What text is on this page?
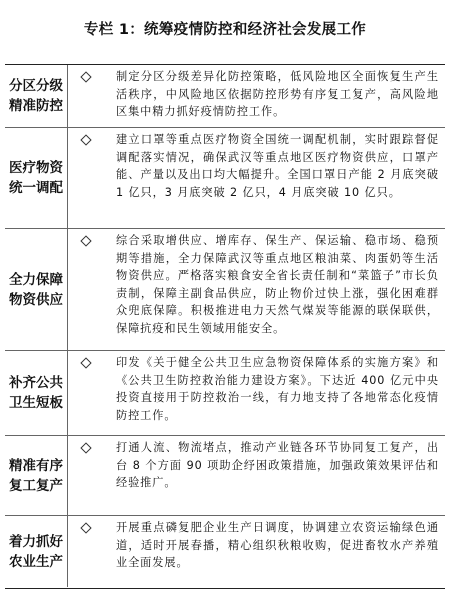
专栏 1：统筹疫情防控和经济社会发展工作
分区分级
精准防控
制定分区分级差异化防控策略，低风险地区全面恢复生产生活秩序，中风险地区依据防控形势有序复工复产，高风险地区集中精力抓好疫情防控工作。
医疗物资
统一调配
建立口罩等重点医疗物资全国统一调配机制，实时跟踪督促调配落实情况，确保武汉等重点地区医疗物资供应，口罩产能、产量以及出口均大幅提升。全国口罩日产能 2 月底突破 1 亿只，3 月底突破 2 亿只，4 月底突破 10 亿只。
全力保障
物资供应
综合采取增供应、增库存、保生产、保运输、稳市场、稳预期等措施，全力保障武汉等重点地区粮油菜、肉蛋奶等生活物资供应。严格落实粮食安全省长责任制和“菜篮子”市长负责制，保障主副食品供应，防止物价过快上涨，强化困难群众兜底保障。积极推进电力天然气煤炭等能源的联保联供，保障抗疫和民生领域用能安全。
补齐公共
卫生短板
印发《关于健全公共卫生应急物资保障体系的实施方案》和《公共卫生防控救治能力建设方案》。下达近 400 亿元中央投资直接用于防控救治一线，有力地支持了各地常态化疫情防控工作。
精准有序
复工复产
打通人流、物流堵点，推动产业链各环节协同复工复产，出台 8 个方面 90 项助企纾困政策措施，加强政策效果评估和经验推广。
着力抓好
农业生产
开展重点磷复肥企业生产日调度，协调建立农资运输绿色通道，适时开展春播，精心组织秋粮收购，促进畜牧水产养殖业全面发展。
